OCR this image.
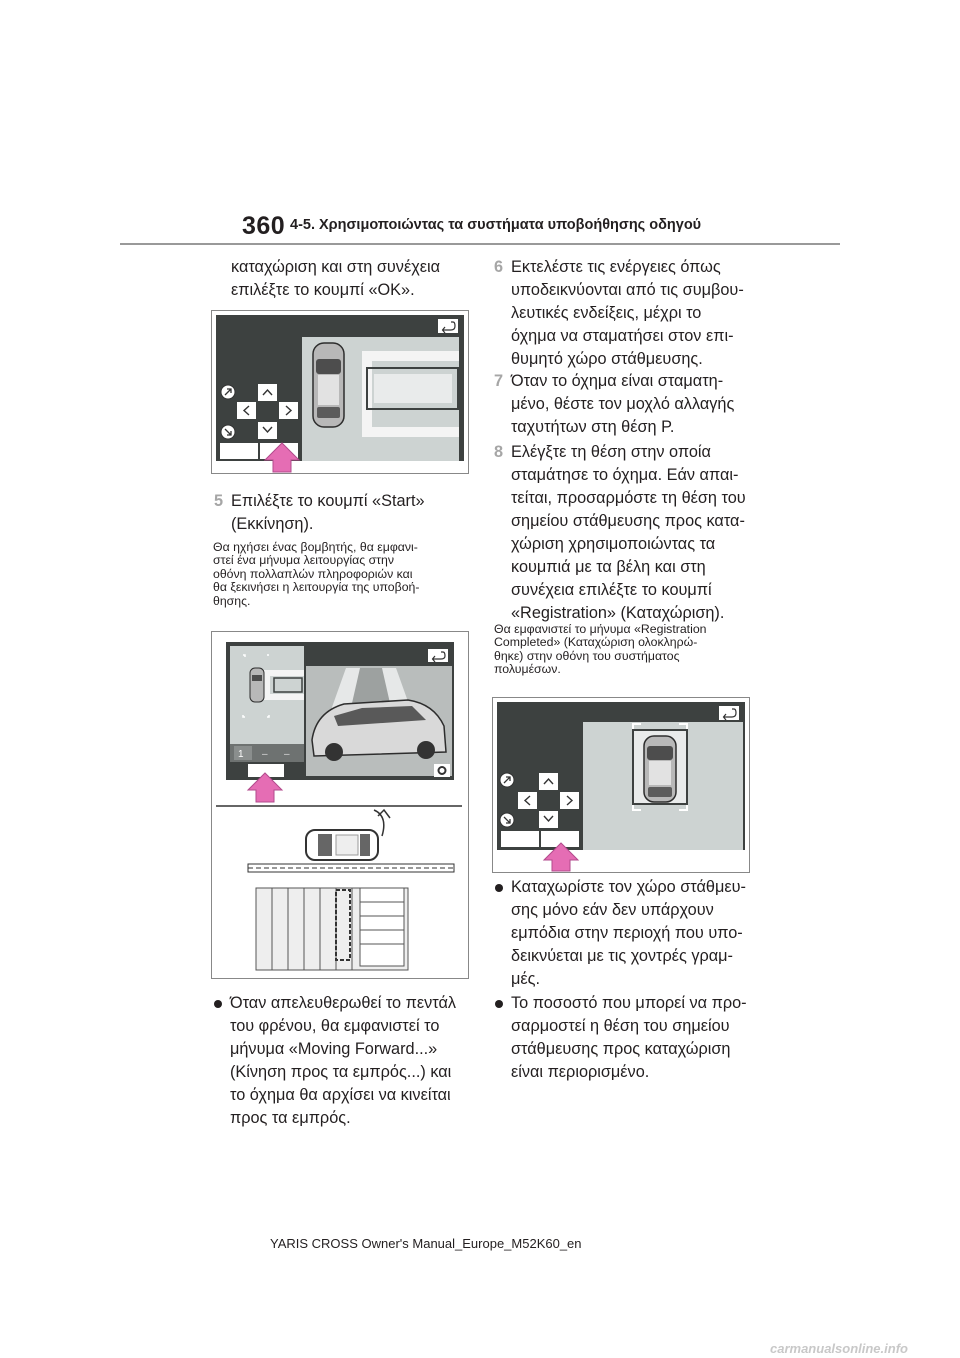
360 4-5. Χρησιμοποιώντας τα συστήματα υποβοήθησης οδηγού
καταχώριση και στη συνέχεια
επιλέξτε το κουμπί «OK».
5 Επιλέξτε το κουμπί «Start»
(Εκκίνηση).
Θα ηχήσει ένας βομβητής, θα εμφανι-
στεί ένα μήνυμα λειτουργίας στην
οθόνη πολλαπλών πληροφοριών και
θα ξεκινήσει η λειτουργία της υποβοή-
θησης.
1 – –
Όταν απελευθερωθεί το πεντάλ
του φρένου, θα εμφανιστεί το
μήνυμα «Moving Forward...»
(Κίνηση προς τα εμπρός...) και
το όχημα θα αρχίσει να κινείται
προς τα εμπρός.
6 Εκτελέστε τις ενέργειες όπως
υποδεικνύονται από τις συμβου-
λευτικές ενδείξεις, μέχρι το
όχημα να σταματήσει στον επι-
θυμητό χώρο στάθμευσης.
7 Όταν το όχημα είναι σταματη-
μένο, θέστε τον μοχλό αλλαγής
ταχυτήτων στη θέση P.
8 Ελέγξτε τη θέση στην οποία
σταμάτησε το όχημα. Εάν απαι-
τείται, προσαρμόστε τη θέση του
σημείου στάθμευσης προς κατα-
χώριση χρησιμοποιώντας τα
κουμπιά με τα βέλη και στη
συνέχεια επιλέξτε το κουμπί
«Registration» (Καταχώριση).
Θα εμφανιστεί το μήνυμα «Registration
Completed» (Καταχώριση ολοκληρώ-
θηκε) στην οθόνη του συστήματος
πολυμέσων.
Καταχωρίστε τον χώρο στάθμευ-
σης μόνο εάν δεν υπάρχουν
εμπόδια στην περιοχή που υπο-
δεικνύεται με τις χοντρές γραμ-
μές.
Το ποσοστό που μπορεί να προ-
σαρμοστεί η θέση του σημείου
στάθμευσης προς καταχώριση
είναι περιορισμένο.
YARIS CROSS Owner's Manual_Europe_M52K60_en
carmanualsonline.info
